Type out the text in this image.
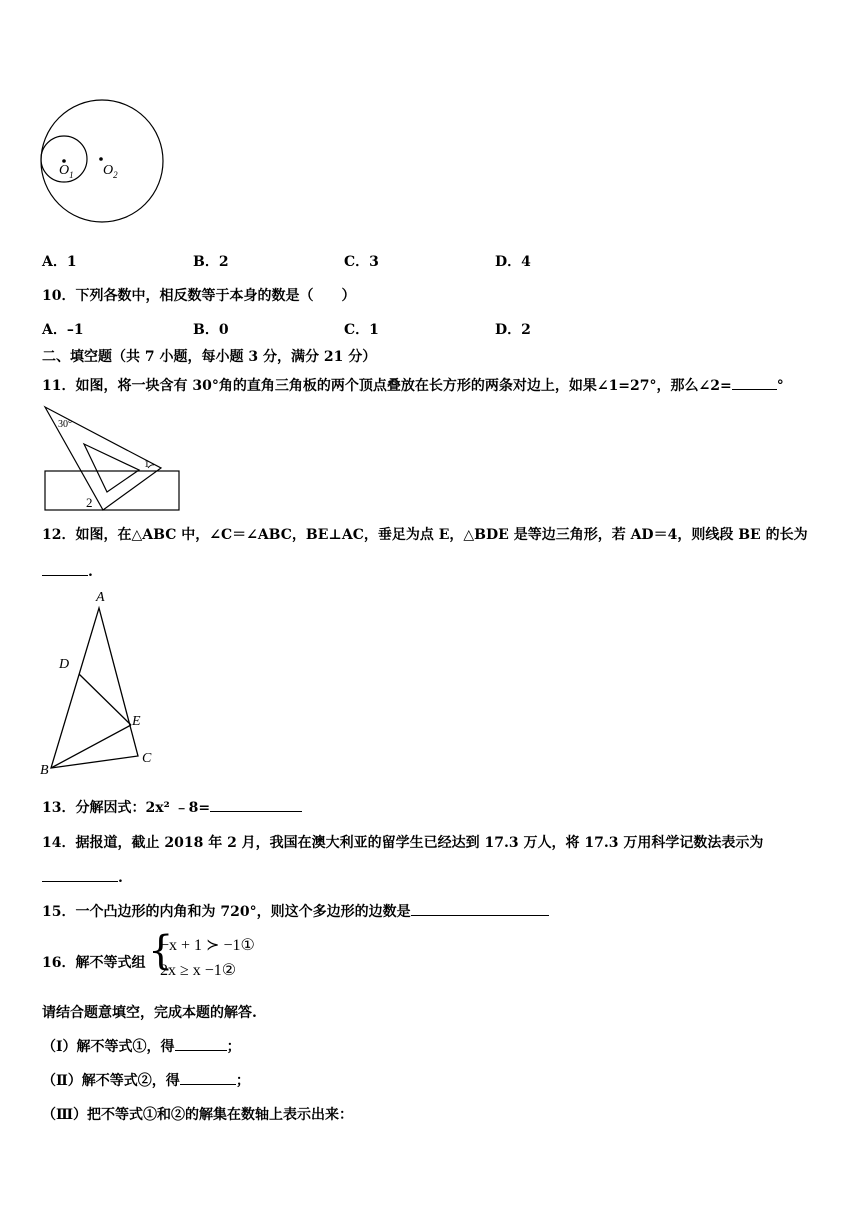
$O_1$ $O_2$
A．1	B．2	C．3	D．4
10．下列各数中，相反数等于本身的数是（　　）
A．–1	B．0	C．1	D．2
二、填空题（共 7 小题，每小题 3 分，满分 21 分）
11．如图，将一块含有 30°角的直角三角板的两个顶点叠放在长方形的两条对边上，如果∠1=27°，那么∠2=	°
30°
1
2
12．如图，在△ABC 中，∠C＝∠ABC，BE⊥AC，垂足为点 E，△BDE 是等边三角形，若 AD＝4，则线段 BE 的长为
.
A
D
E
B
C
13．分解因式：2x² ﹣8=
14．据报道，截止 2018 年 2 月，我国在澳大利亚的留学生已经达到 17.3 万人，将 17.3 万用科学记数法表示为
.
15．一个凸边形的内角和为 720°，则这个多边形的边数是
16．解不等式组 {
−x + 1 ≻ −1①
2x ≥ x −1②
请结合题意填空，完成本题的解答.
（Ⅰ）解不等式①，得	；
（Ⅱ）解不等式②，得	；
（Ⅲ）把不等式①和②的解集在数轴上表示出来：
